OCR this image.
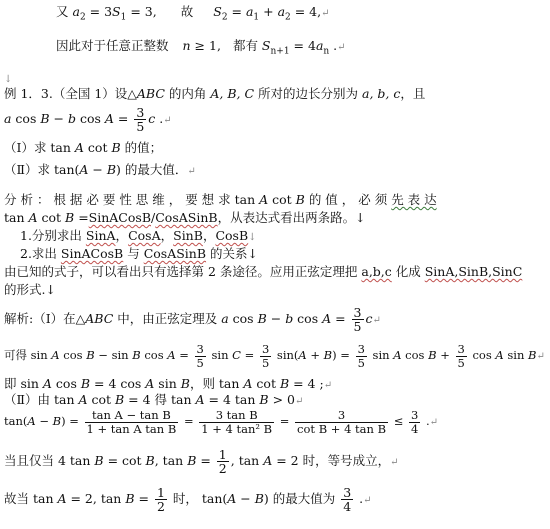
又 $a_2 = 3S_1 = 3$, 故 $S_2 = a_1 + a_2$ = 4,↵
因此对于任意正整数 n ≥ 1, 都有 $S_{n+1} = 4a_n$ .↵
↓
例 1．3.（全国 1）设△ABC 的内角 A, B, C 所对的边长分别为 a, b, c，且
a cos B − b $\cos A = \frac{3}{5}$ c .↵
（Ⅰ）求 tan A cot B 的值；
（Ⅱ）求 tan(A − B) 的最大值．↵
分 析 ： 根 据 必 要 性 思 维 ， 要 想 求 tan A cot B 的 值 ， 必 须 先 表 达
tan A cot B =SinACosB/CosASinB，从表达式看出两条路。↓
1.分别求出 SinA，CosA，SinB，CosB↓
2.求出 SinACosB 与 CosASinB 的关系↓
由已知的式子，可以看出只有选择第 2 条途径。应用正弦定理把 a,b,c 化成 SinA,SinB,SinC
的形式.↓
解析:（Ⅰ）在△ABC 中，由正弦定理及 a cos B − b $\cos A = \frac{3}{5}$ c↵
可得 sin A cos B − sin B $\cos A = \frac{3}{5}$ $\sin C = \frac{3}{5} \sin(A + B) = \frac{3}{5}$ sin A $\cos B + \frac{3}{5}$ cos A sin B↵
即 sin A cos B = 4 cos A sin B，则 tan A cot B = 4 ;↵
（Ⅱ）由 tan A cot B = 4 得 tan A = 4 tan B > 0↵
$\tan(A - B) = \frac{\text{tan A − tan B}}{\text{1 + tan A tan B}} = \frac{\text{3 tan B}}{\text{1 + 4 tan² B}} = \frac{3}{\text{cot B + 4 tan B}} \le \frac{3}{4}$ .↵
当且仅当 4 tan B = cot B, $\tan B = \frac{1}{2}$ , tan A = 2 时，等号成立，↵
故当 tan A = 2, $\tan B = \frac{1}{2}$ 时， tan(A − B) 的最大值为 $\frac{3}{4}$ .↵
